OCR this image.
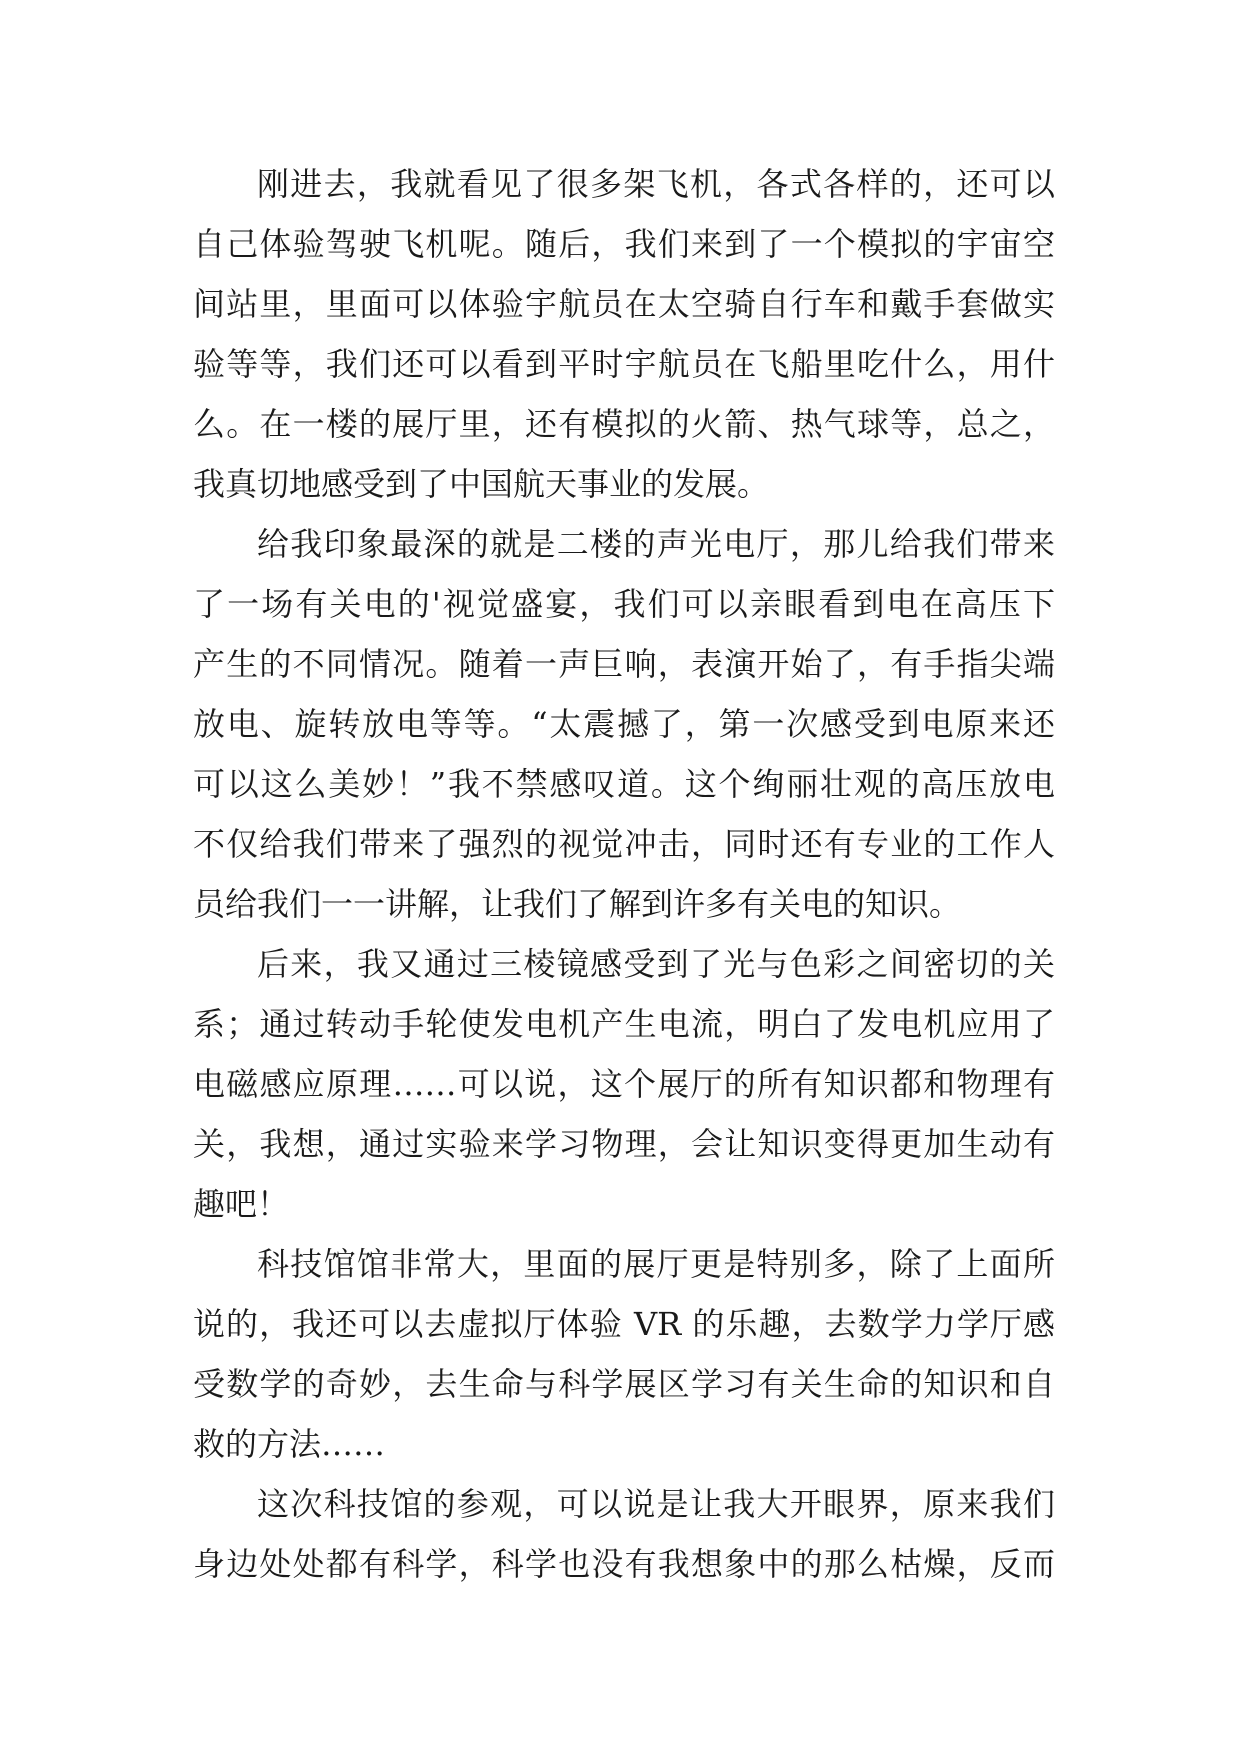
刚进去，我就看见了很多架飞机，各式各样的，还可以
自己体验驾驶飞机呢。随后，我们来到了一个模拟的宇宙空
间站里，里面可以体验宇航员在太空骑自行车和戴手套做实
验等等，我们还可以看到平时宇航员在飞船里吃什么，用什
么。在一楼的展厅里，还有模拟的火箭、热气球等，总之，
我真切地感受到了中国航天事业的发展。
给我印象最深的就是二楼的声光电厅，那儿给我们带来
了一场有关电的'视觉盛宴，我们可以亲眼看到电在高压下
产生的不同情况。随着一声巨响，表演开始了，有手指尖端
放电、旋转放电等等。“太震撼了，第一次感受到电原来还
可以这么美妙！”我不禁感叹道。这个绚丽壮观的高压放电
不仅给我们带来了强烈的视觉冲击，同时还有专业的工作人
员给我们一一讲解，让我们了解到许多有关电的知识。
后来，我又通过三棱镜感受到了光与色彩之间密切的关
系；通过转动手轮使发电机产生电流，明白了发电机应用了
电磁感应原理……可以说，这个展厅的所有知识都和物理有
关，我想，通过实验来学习物理，会让知识变得更加生动有
趣吧！
科技馆馆非常大，里面的展厅更是特别多，除了上面所
说的，我还可以去虚拟厅体验 VR 的乐趣，去数学力学厅感
受数学的奇妙，去生命与科学展区学习有关生命的知识和自
救的方法……
这次科技馆的参观，可以说是让我大开眼界，原来我们
身边处处都有科学，科学也没有我想象中的那么枯燥，反而
